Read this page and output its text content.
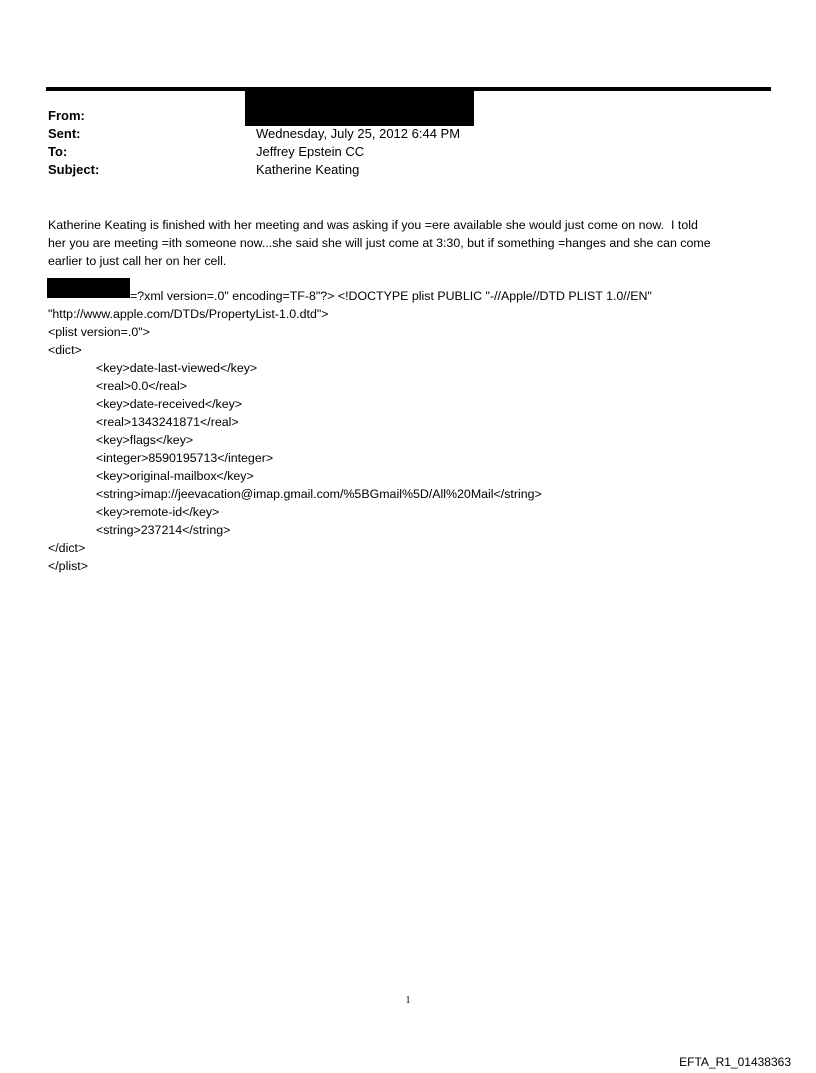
From:
Sent:	Wednesday, July 25, 2012 6:44 PM
To:	Jeffrey Epstein CC
Subject:	Katherine Keating
Katherine Keating is finished with her meeting and was asking if you =ere available she would just come on now.  I told
her you are meeting =ith someone now...she said she will just come at 3:30, but if something =hanges and she can come
earlier to just call her on her cell.
=?xml version=.0" encoding=TF-8"?> <!DOCTYPE plist PUBLIC "-//Apple//DTD PLIST 1.0//EN"
"http://www.apple.com/DTDs/PropertyList-1.0.dtd">
<plist version=.0">
<dict>
<key>date-last-viewed</key>
<real>0.0</real>
<key>date-received</key>
<real>1343241871</real>
<key>flags</key>
<integer>8590195713</integer>
<key>original-mailbox</key>
<string>imap://jeevacation@imap.gmail.com/%5BGmail%5D/All%20Mail</string>
<key>remote-id</key>
<string>237214</string>
</dict>
</plist>
1
EFTA_R1_01438363
